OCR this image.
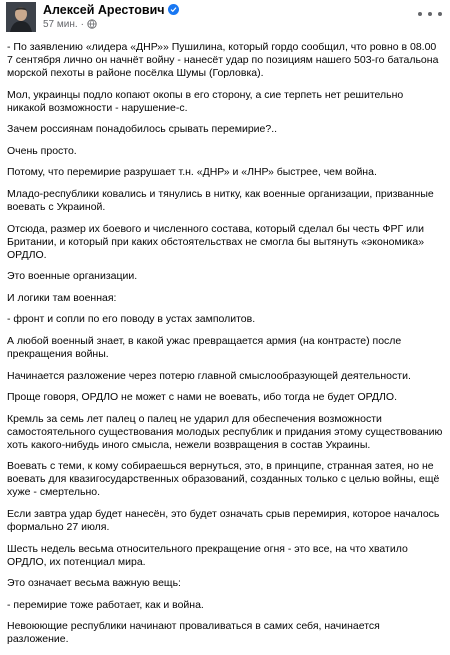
Алексей Арестович
57 мин. ·

- По заявлению «лидера «ДНР»» Пушилина, который гордо сообщил, что ровно в 08.00 7 сентября лично он начнёт войну - нанесёт удар по позициям нашего 503-го батальона морской пехоты в районе посёлка Шумы (Горловка).

Мол, украинцы подло копают окопы в его сторону, а сие терпеть нет решительно никакой возможности - нарушение-с.

Зачем россиянам понадобилось срывать перемирие?..

Очень просто.

Потому, что перемирие разрушает т.н. «ДНР» и «ЛНР» быстрее, чем война.

Младо-республики ковались и тянулись в нитку, как военные организации, призванные воевать с Украиной.

Отсюда, размер их боевого и численного состава, который сделал бы честь ФРГ или Британии, и который при каких обстоятельствах не смогла бы вытянуть «экономика» ОРДЛО.

Это военные организации.

И логики там военная:

- фронт и сопли по его поводу в устах замполитов.

А любой военный знает, в какой ужас превращается армия (на контрасте) после прекращения войны.

Начинается разложение через потерю главной смыслообразующей деятельности.

Проще говоря, ОРДЛО не может с нами не воевать, ибо тогда не будет ОРДЛО.

Кремль за семь лет палец о палец не ударил для обеспечения возможности самостоятельного существования молодых республик и придания этому существованию хоть какого-нибудь иного смысла, нежели возвращения в состав Украины.

Воевать с теми, к кому собираешься вернуться, это, в принципе, странная затея, но не воевать для квазигосударственных образований, созданных только с целью войны, ещё хуже - смертельно.

Если завтра удар будет нанесён, это будет означать срыв перемирия, которое началось формально 27 июля.

Шесть недель весьма относительного прекращение огня - это все, на что хватило ОРДЛО, их потенциал мира.

Это означает весьма важную вещь:

- перемирие тоже работает, как и война.

Невоюющие республики начинают проваливаться в самих себя, начинается разложение.
